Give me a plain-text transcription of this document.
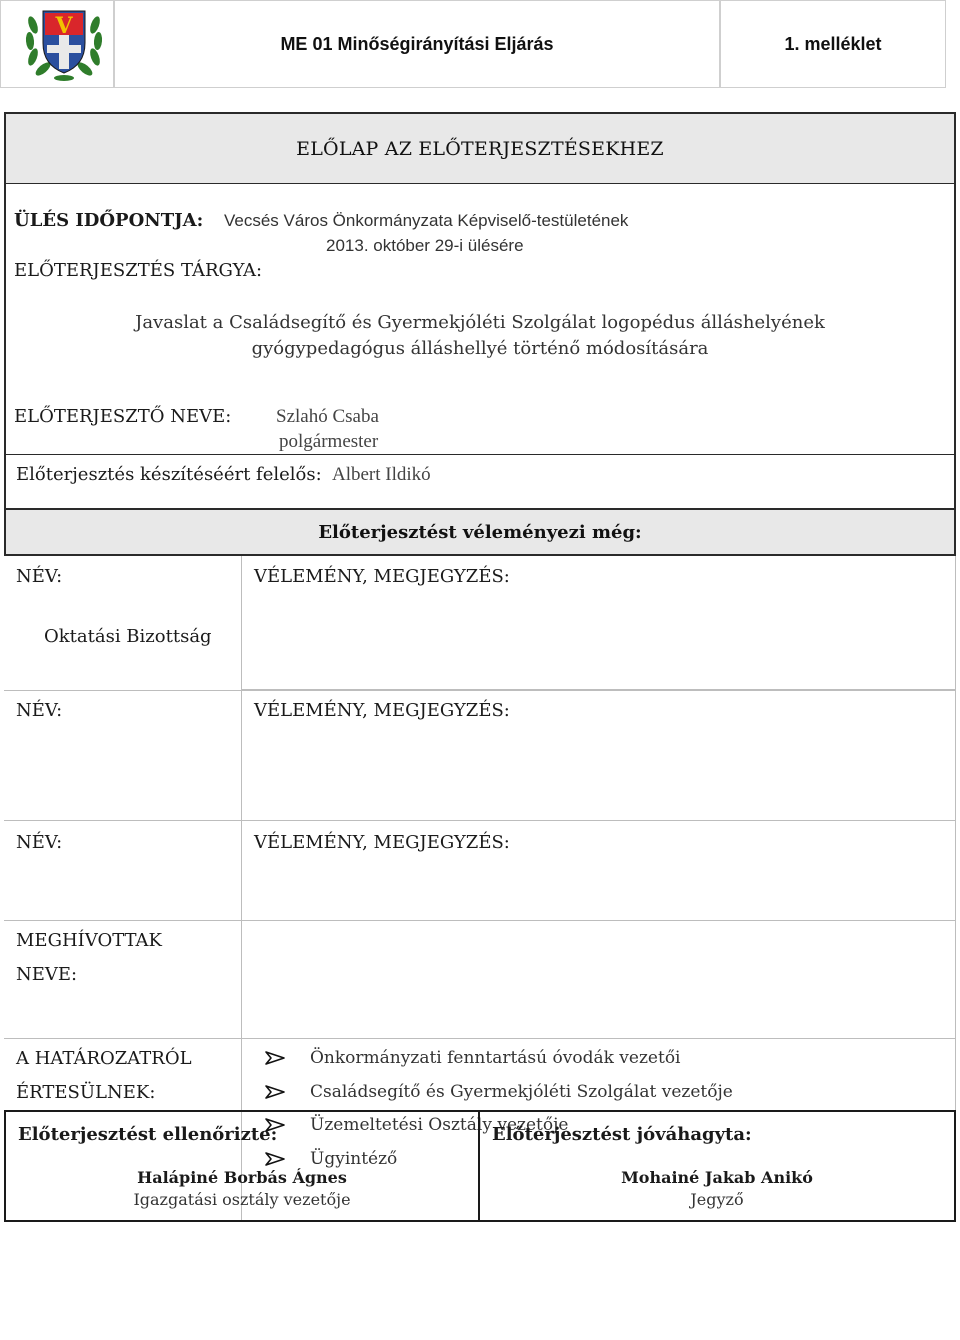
V
ME 01 Minőségirányítási Eljárás	1. melléklet
ELŐLAP AZ ELŐTERJESZTÉSEKHEZ
ÜLÉS IDŐPONTJA: Vecsés Város Önkormányzata Képviselő-testületének
2013. október 29-i ülésére
ELŐTERJESZTÉS TÁRGYA:
Javaslat a Családsegítő és Gyermekjóléti Szolgálat logopédus álláshelyének
gyógypedagógus álláshellyé történő módosítására
ELŐTERJESZTŐ NEVE: Szlahó Csaba
polgármester
Előterjesztés készítéséért felelős: Albert Ildikó
Előterjesztést véleményezi még:
NÉV:	VÉLEMÉNY, MEGJEGYZÉS:
Oktatási Bizottság
NÉV:	VÉLEMÉNY, MEGJEGYZÉS:
NÉV:	VÉLEMÉNY, MEGJEGYZÉS:
MEGHÍVOTTAK
NEVE:
A HATÁROZATRÓL
ÉRTESÜLNEK:
Önkormányzati fenntartású óvodák vezetői
Családsegítő és Gyermekjóléti Szolgálat vezetője
Üzemeltetési Osztály vezetője
Ügyintéző
Előterjesztést ellenőrizte:
Halápiné Borbás Ágnes
Igazgatási osztály vezetője
Előterjesztést jóváhagyta:
Mohainé Jakab Anikó
Jegyző
